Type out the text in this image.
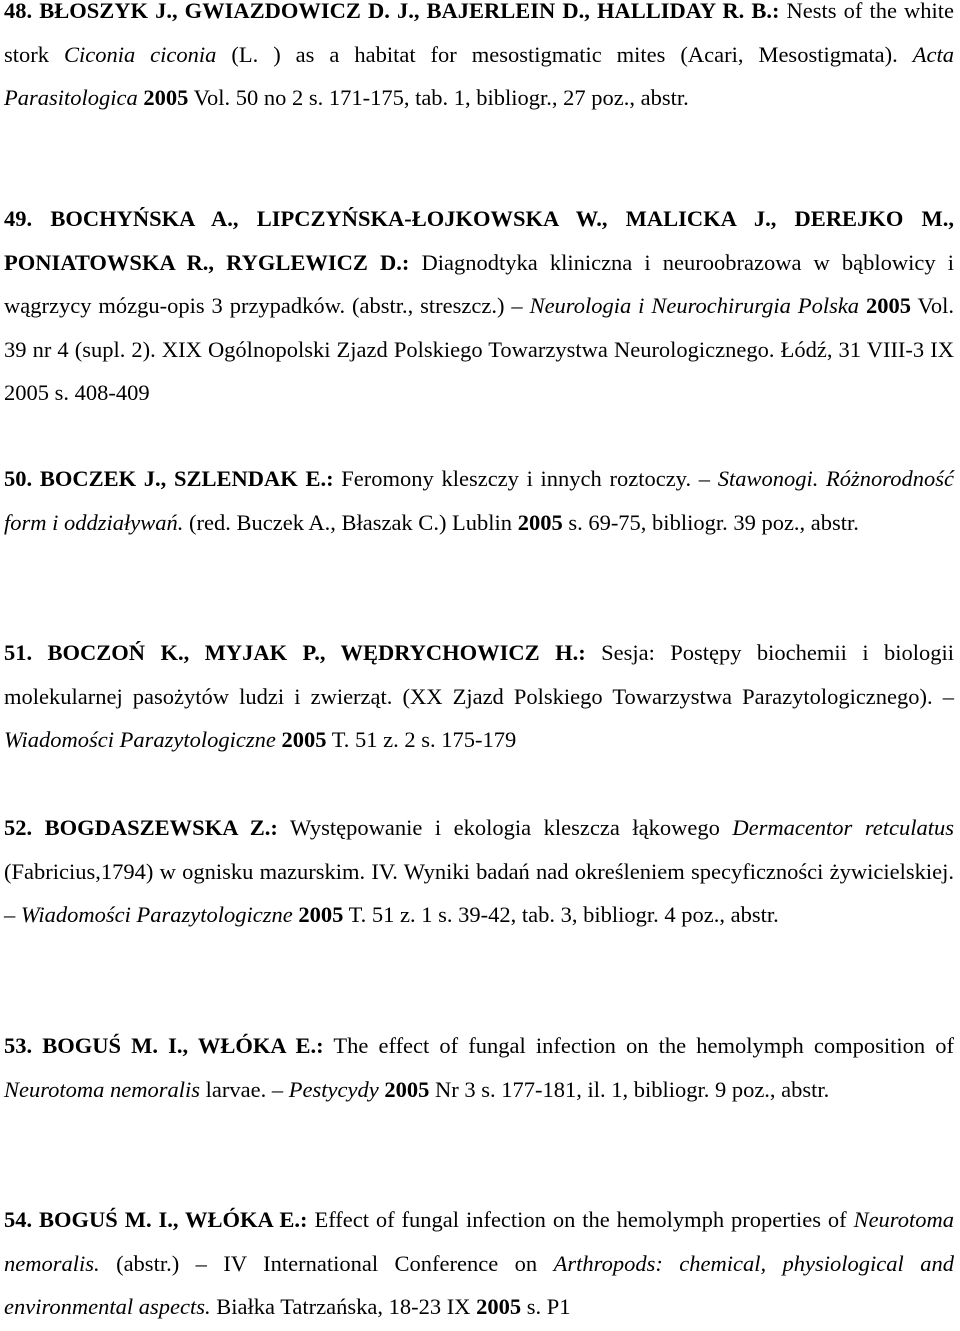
48. BŁOSZYK J., GWIAZDOWICZ D. J., BAJERLEIN D., HALLIDAY R. B.: Nests of the white stork Ciconia ciconia (L. ) as a habitat for mesostigmatic mites (Acari, Mesostigmata). Acta Parasitologica 2005 Vol. 50 no 2 s. 171-175, tab. 1, bibliogr., 27 poz., abstr.

49. BOCHYŃSKA A., LIPCZYŃSKA-ŁOJKOWSKA W., MALICKA J., DEREJKO M., PONIATOWSKA R., RYGLEWICZ D.: Diagnodtyka kliniczna i neuroobrazowa w bąblowicy i wągrzycy mózgu-opis 3 przypadków. (abstr., streszcz.) – Neurologia i Neurochirurgia Polska 2005 Vol. 39 nr 4 (supl. 2). XIX Ogólnopolski Zjazd Polskiego Towarzystwa Neurologicznego. Łódź, 31 VIII-3 IX 2005 s. 408-409

50. BOCZEK J., SZLENDAK E.: Feromony kleszczy i innych roztoczy. – Stawonogi. Różnorodność form i oddziaływań. (red. Buczek A., Błaszak C.) Lublin 2005 s. 69-75, bibliogr. 39 poz., abstr.

51. BOCZOŃ K., MYJAK P., WĘDRYCHOWICZ H.: Sesja: Postępy biochemii i biologii molekularnej pasożytów ludzi i zwierząt. (XX Zjazd Polskiego Towarzystwa Parazytologicznego). – Wiadomości Parazytologiczne 2005 T. 51 z. 2 s. 175-179

52. BOGDASZEWSKA Z.: Występowanie i ekologia kleszcza łąkowego Dermacentor retculatus (Fabricius,1794) w ognisku mazurskim. IV. Wyniki badań nad określeniem specyficzności żywicielskiej. – Wiadomości Parazytologiczne 2005 T. 51 z. 1 s. 39-42, tab. 3, bibliogr. 4 poz., abstr.

53. BOGUŚ M. I., WŁÓKA E.: The effect of fungal infection on the hemolymph composition of Neurotoma nemoralis larvae. – Pestycydy 2005 Nr 3 s. 177-181, il. 1, bibliogr. 9 poz., abstr.

54. BOGUŚ M. I., WŁÓKA E.: Effect of fungal infection on the hemolymph properties of Neurotoma nemoralis. (abstr.) – IV International Conference on Arthropods: chemical, physiological and environmental aspects. Białka Tatrzańska, 18-23 IX 2005 s. P1
